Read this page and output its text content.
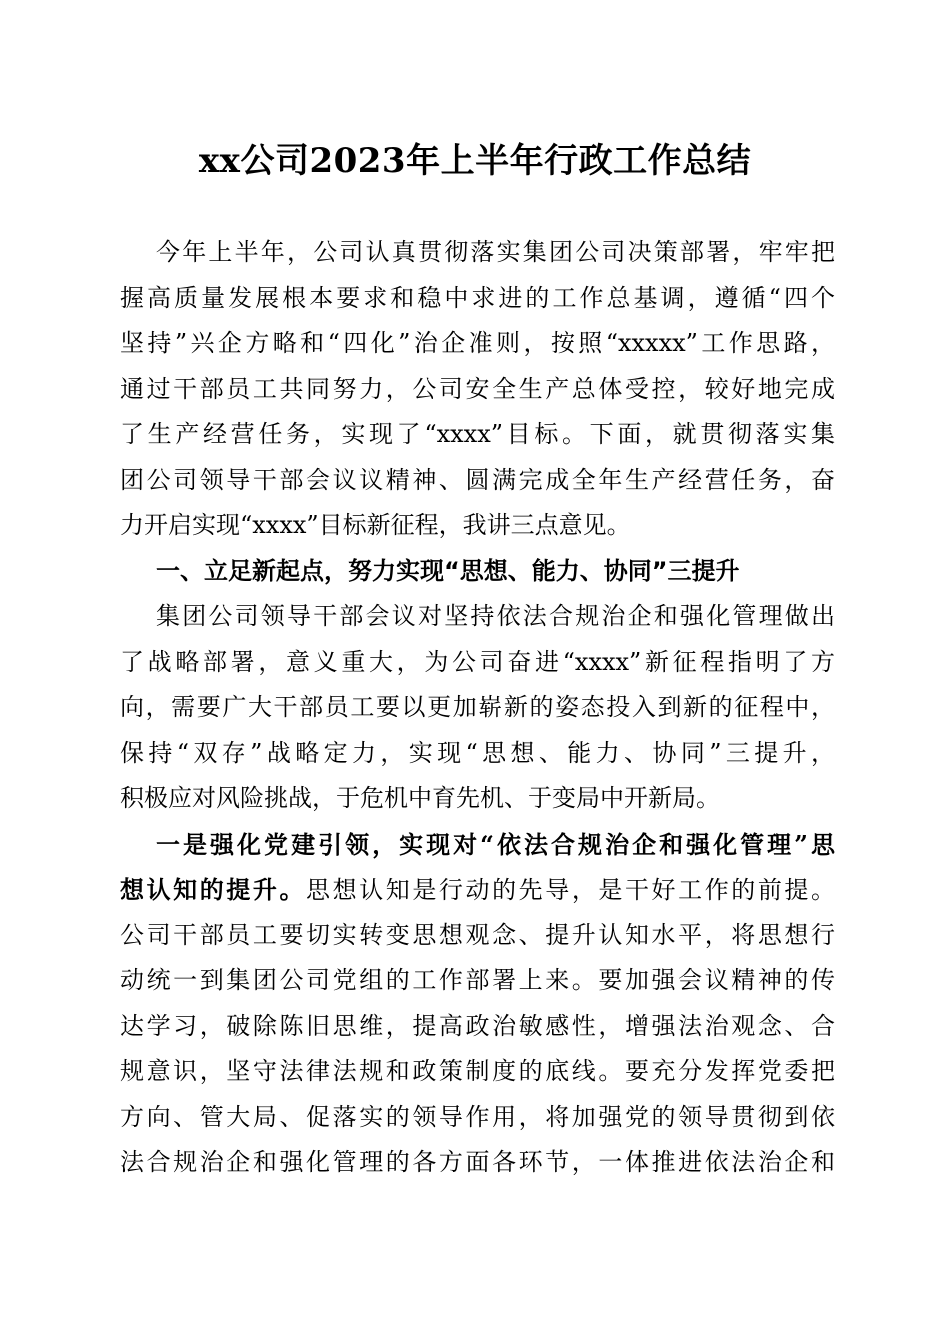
xx公司2023年上半年行政工作总结
今年上半年，公司认真贯彻落实集团公司决策部署，牢牢把
握高质量发展根本要求和稳中求进的工作总基调，遵循“四个
坚持”兴企方略和“四化”治企准则，按照“xxxxx”工作思路，
通过干部员工共同努力，公司安全生产总体受控，较好地完成
了生产经营任务，实现了“xxxx”目标。下面，就贯彻落实集
团公司领导干部会议议精神、圆满完成全年生产经营任务，奋
力开启实现“xxxx”目标新征程，我讲三点意见。
一、立足新起点，努力实现“思想、能力、协同”三提升
集团公司领导干部会议对坚持依法合规治企和强化管理做出
了战略部署，意义重大，为公司奋进“xxxx”新征程指明了方
向，需要广大干部员工要以更加崭新的姿态投入到新的征程中，
保持“双存”战略定力，实现“思想、能力、协同”三提升，
积极应对风险挑战，于危机中育先机、于变局中开新局。
一是强化党建引领，实现对“依法合规治企和强化管理”思
想认知的提升。思想认知是行动的先导，是干好工作的前提。
公司干部员工要切实转变思想观念、提升认知水平，将思想行
动统一到集团公司党组的工作部署上来。要加强会议精神的传
达学习，破除陈旧思维，提高政治敏感性，增强法治观念、合
规意识，坚守法律法规和政策制度的底线。要充分发挥党委把
方向、管大局、促落实的领导作用，将加强党的领导贯彻到依
法合规治企和强化管理的各方面各环节，一体推进依法治企和
